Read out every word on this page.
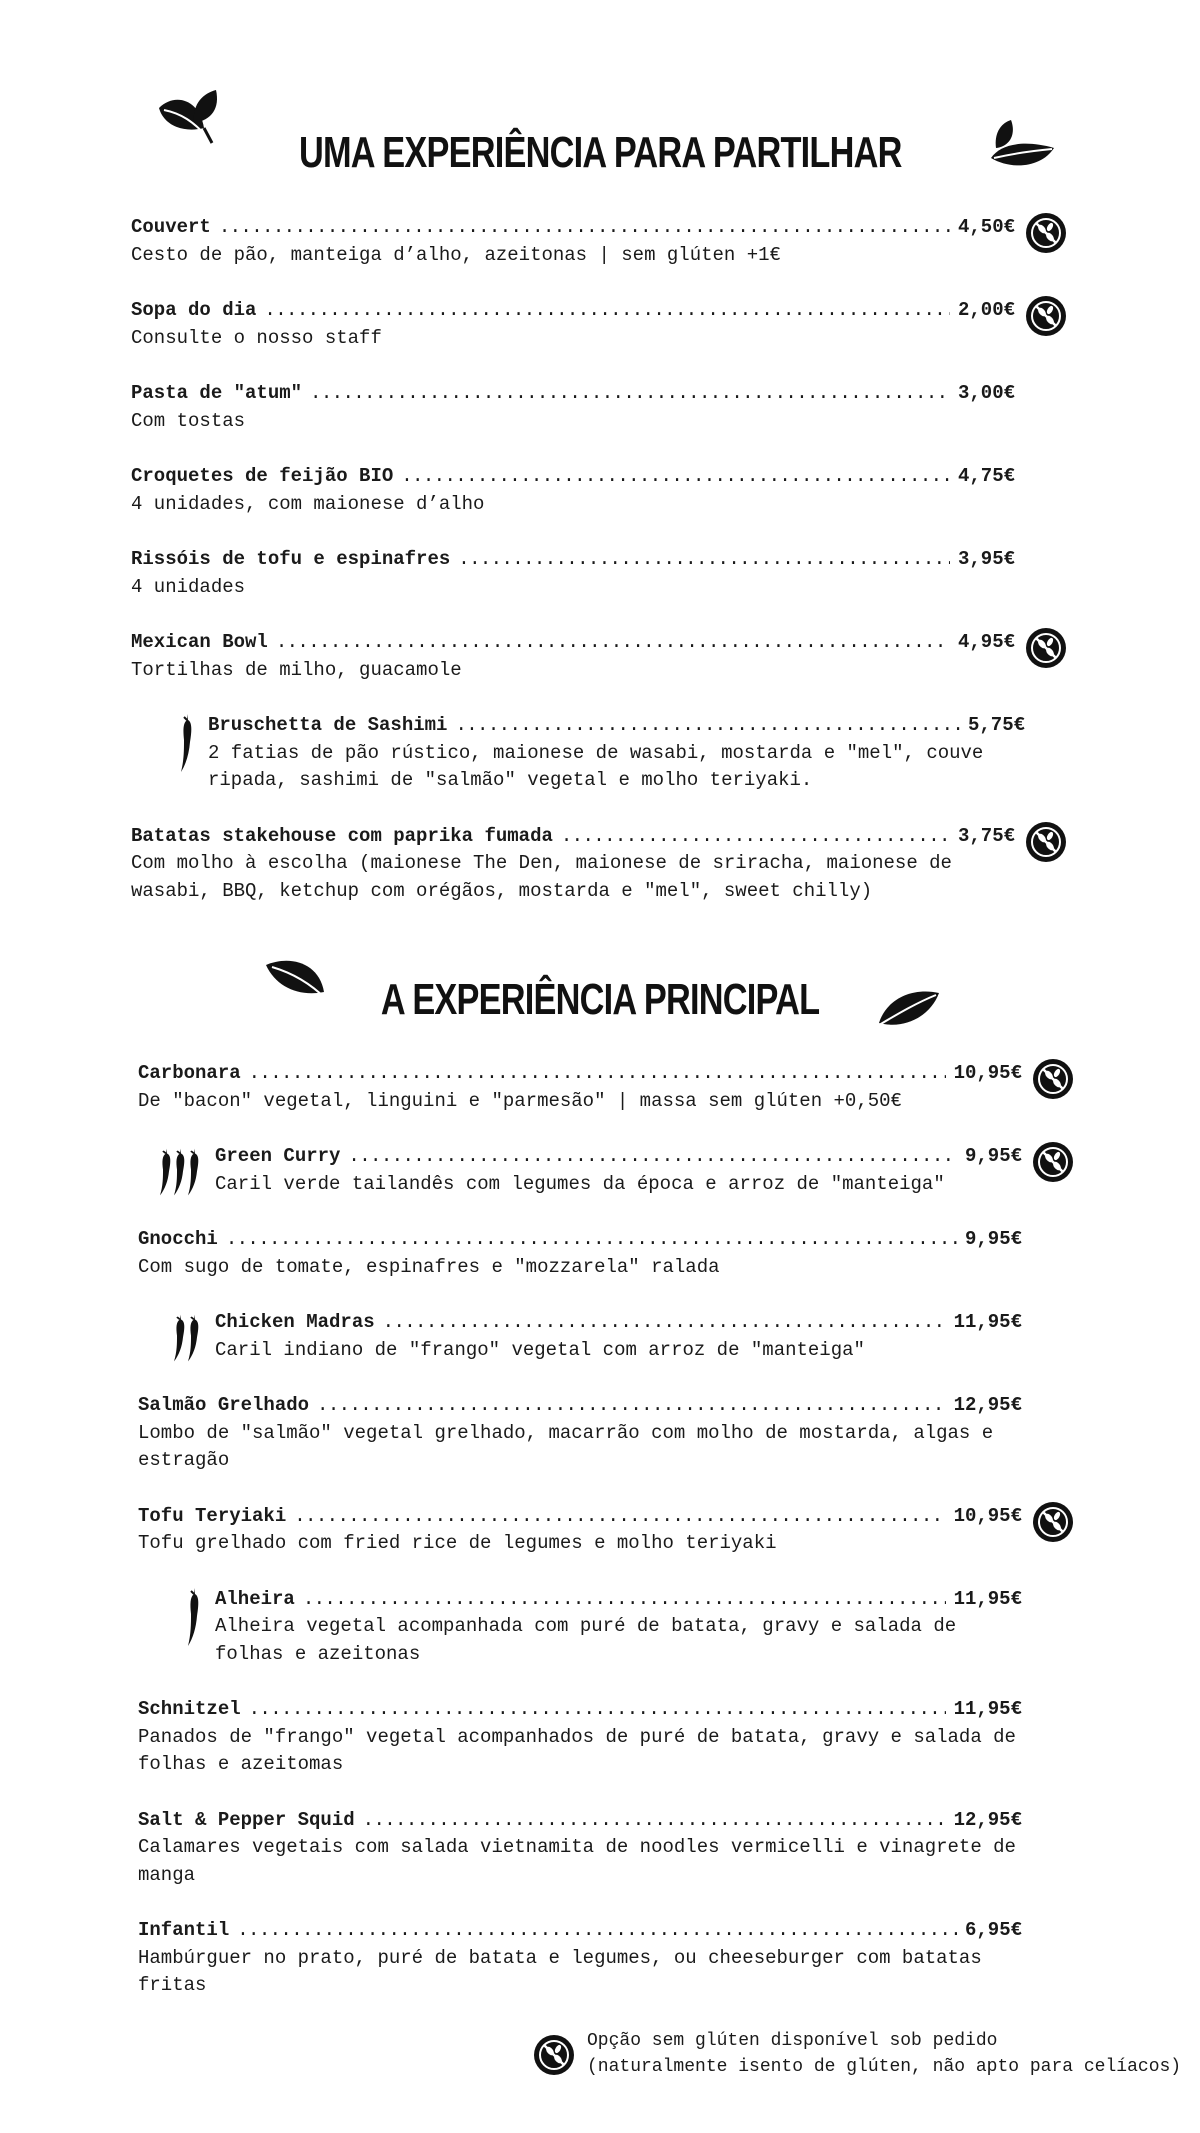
UMA EXPERIÊNCIA PARA PARTILHAR
Couvert . . .	4,50€
Cesto de pão, manteiga d’alho, azeitonas | sem glúten +1€
Sopa do dia . . .	2,00€
Consulte o nosso staff
Pasta de "atum" . . .	3,00€
Com tostas
Croquetes de feijão BIO . . .	4,75€
4 unidades, com maionese d’alho
Rissóis de tofu e espinafres . . .	3,95€
4 unidades
Mexican Bowl . . .	4,95€
Tortilhas de milho, guacamole
Bruschetta de Sashimi . . .	5,75€
2 fatias de pão rústico, maionese de wasabi, mostarda e "mel", couve ripada, sashimi de "salmão" vegetal e molho teriyaki.
Batatas stakehouse com paprika fumada . . .	3,75€
Com molho à escolha (maionese The Den, maionese de sriracha, maionese de wasabi, BBQ, ketchup com orégãos, mostarda e "mel", sweet chilly)
A EXPERIÊNCIA PRINCIPAL
Carbonara . . .	10,95€
De "bacon" vegetal, linguini e "parmesão" | massa sem glúten +0,50€
Green Curry . . .	9,95€
Caril verde tailandês com legumes da época e arroz de "manteiga"
Gnocchi . . .	9,95€
Com sugo de tomate, espinafres e "mozzarela" ralada
Chicken Madras . . .	11,95€
Caril indiano de "frango" vegetal com arroz de "manteiga"
Salmão Grelhado . . .	12,95€
Lombo de "salmão" vegetal grelhado, macarrão com molho de mostarda, algas e estragão
Tofu Teryiaki . . .	10,95€
Tofu grelhado com fried rice de legumes e molho teriyaki
Alheira . . .	11,95€
Alheira vegetal acompanhada com puré de batata, gravy e salada de folhas e azeitonas
Schnitzel . . .	11,95€
Panados de "frango" vegetal acompanhados de puré de batata, gravy e salada de folhas e azeitomas
Salt & Pepper Squid . . .	12,95€
Calamares vegetais com salada vietnamita de noodles vermicelli e vinagrete de manga
Infantil . . .	6,95€
Hambúrguer no prato, puré de batata e legumes, ou cheeseburger com batatas fritas
Opção sem glúten disponível sob pedido
(naturalmente isento de glúten, não apto para celíacos)
